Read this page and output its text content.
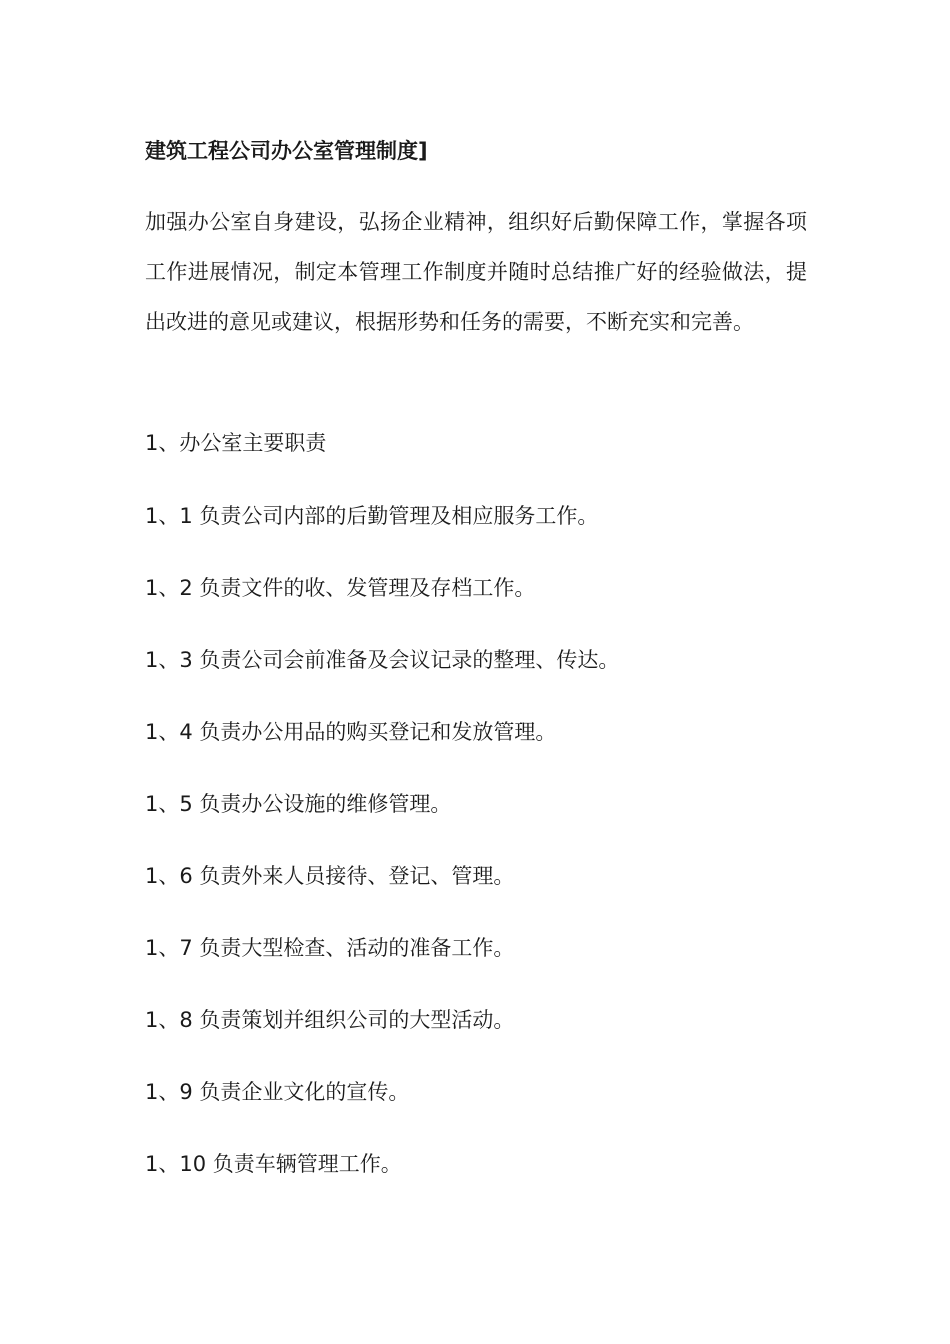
建筑工程公司办公室管理制度]

加强办公室自身建设，弘扬企业精神，组织好后勤保障工作，掌握各项工作进展情况，制定本管理工作制度并随时总结推广好的经验做法，提出改进的意见或建议，根据形势和任务的需要，不断充实和完善。

1、办公室主要职责

1、1 负责公司内部的后勤管理及相应服务工作。

1、2 负责文件的收、发管理及存档工作。

1、3 负责公司会前准备及会议记录的整理、传达。

1、4 负责办公用品的购买登记和发放管理。

1、5 负责办公设施的维修管理。

1、6 负责外来人员接待、登记、管理。

1、7 负责大型检查、活动的准备工作。

1、8 负责策划并组织公司的大型活动。

1、9 负责企业文化的宣传。

1、10 负责车辆管理工作。
